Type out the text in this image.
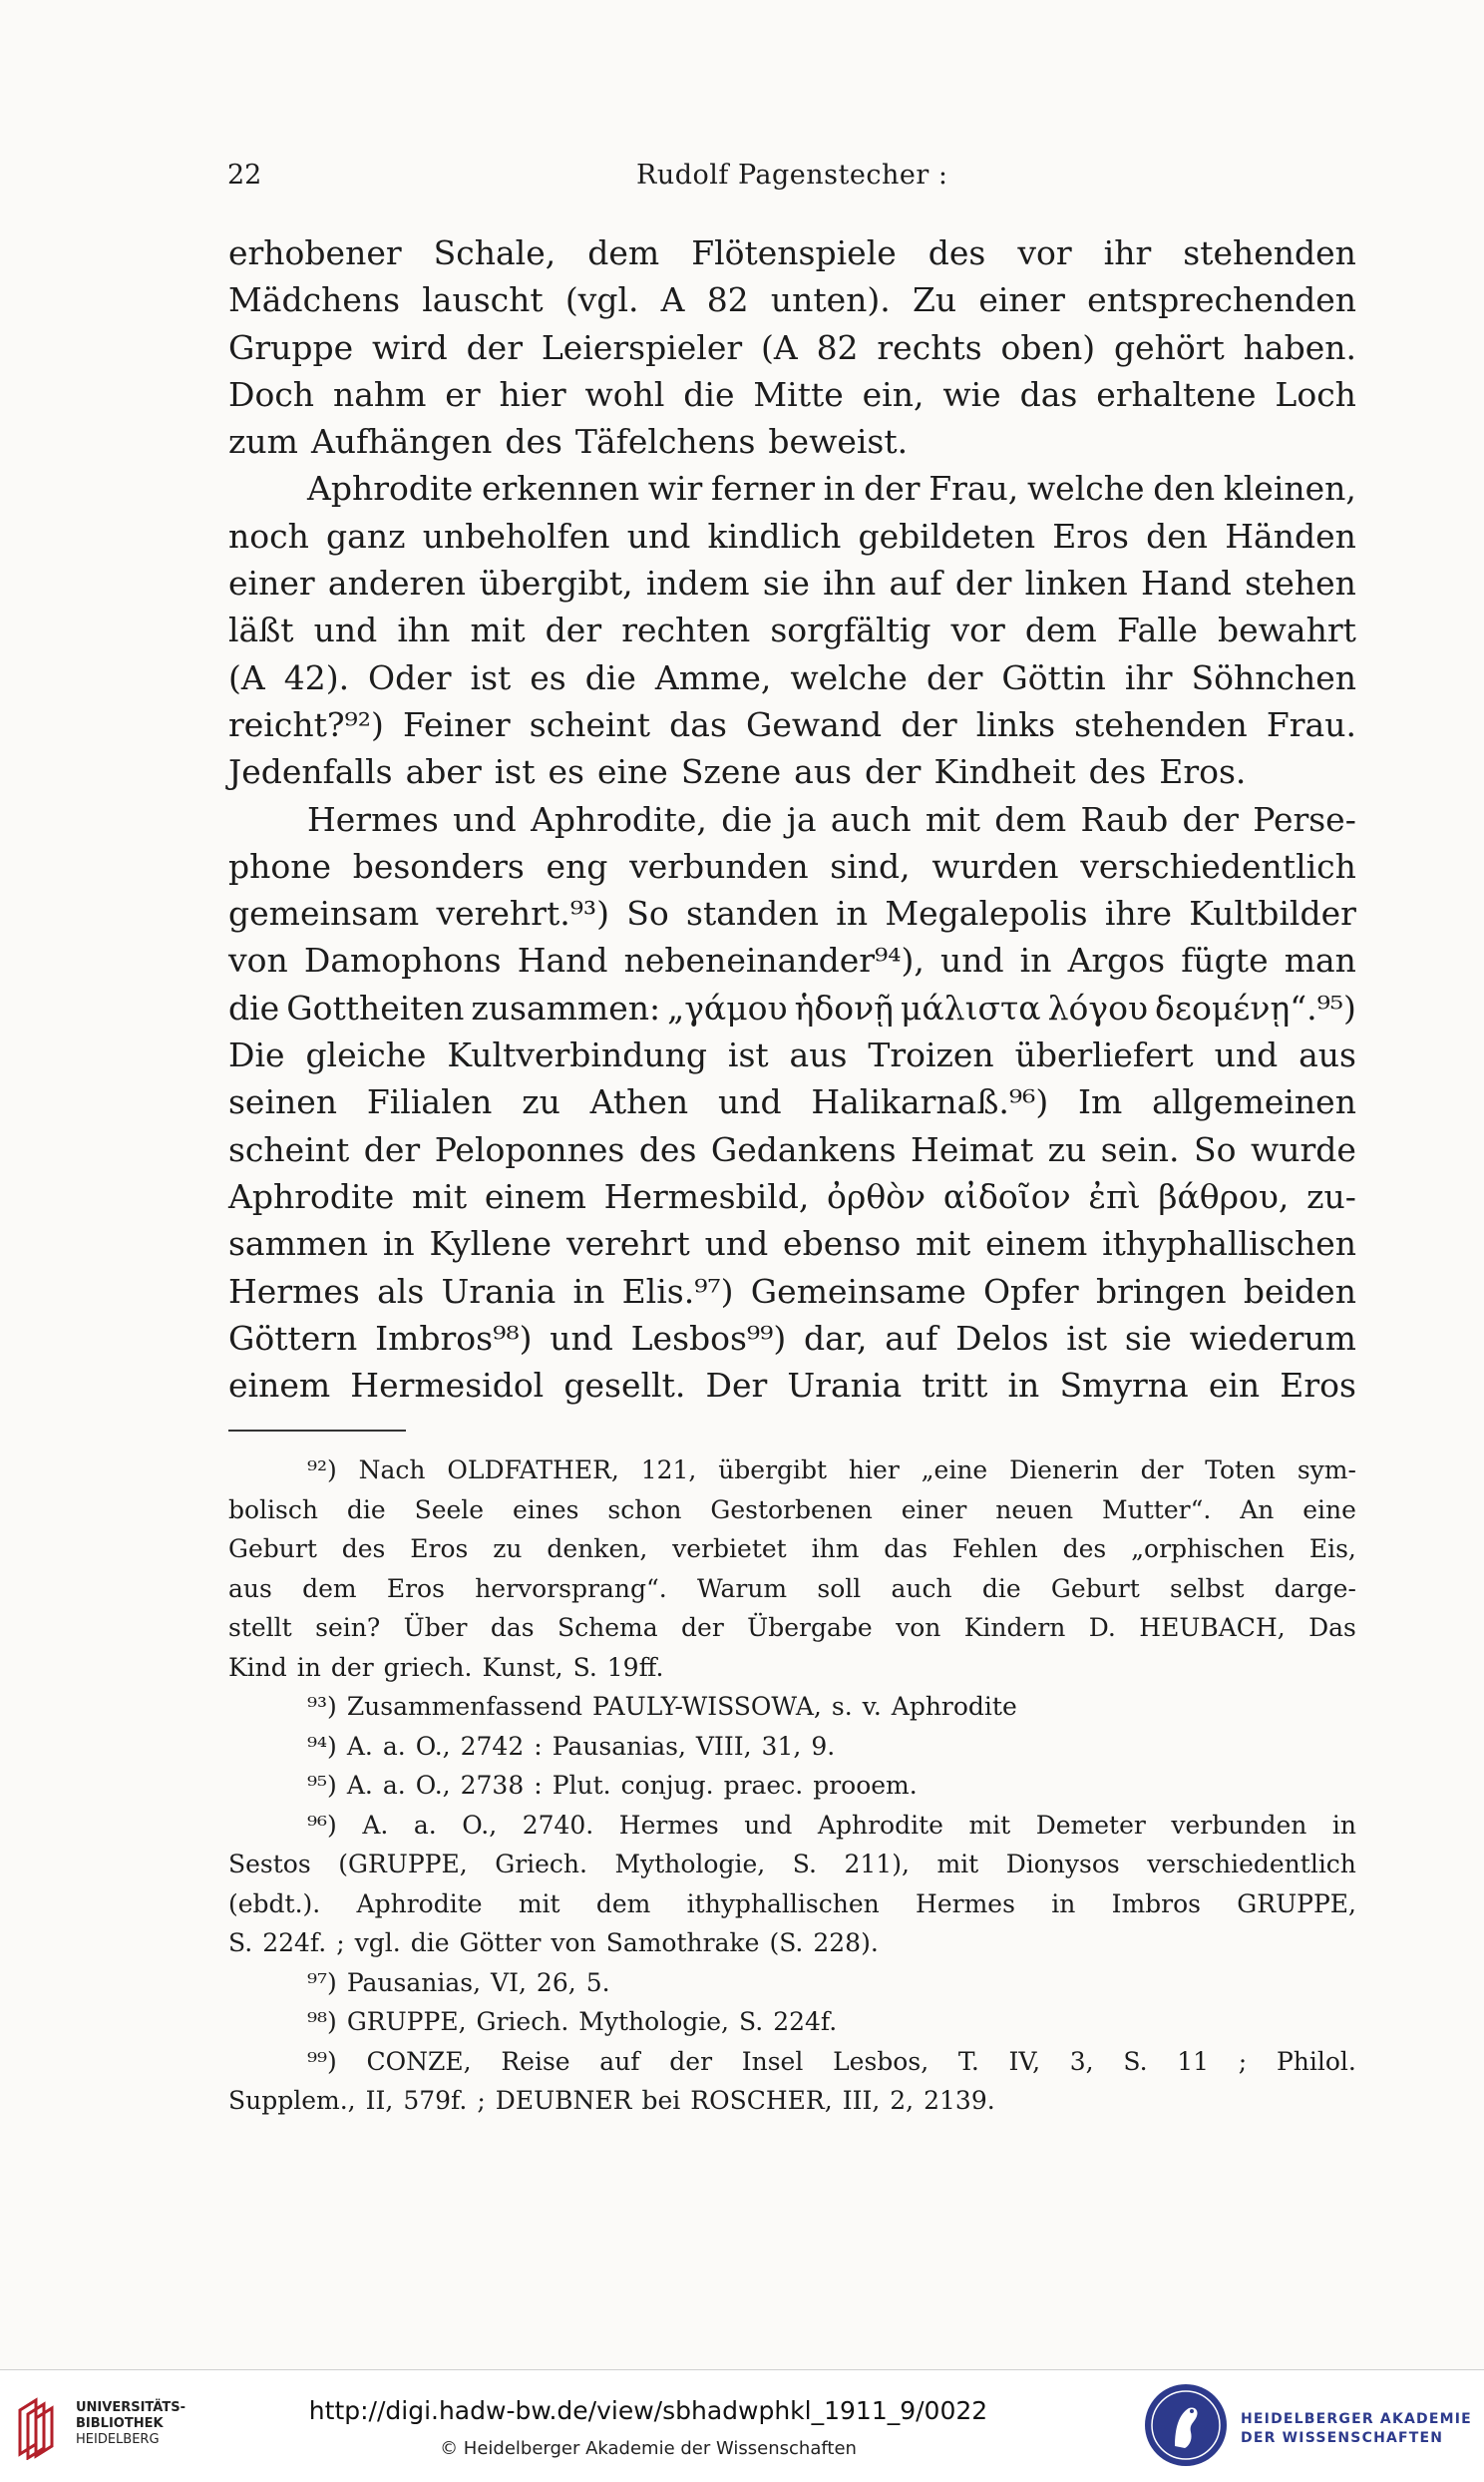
22	Rudolf Pagenstecher :
erhobener Schale, dem Flötenspiele des vor ihr stehenden
Mädchens lauscht (vgl. A 82 unten). Zu einer entsprechenden
Gruppe wird der Leierspieler (A 82 rechts oben) gehört haben.
Doch nahm er hier wohl die Mitte ein, wie das erhaltene Loch
zum Aufhängen des Täfelchens beweist.
Aphrodite erkennen wir ferner in der Frau, welche den kleinen,
noch ganz unbeholfen und kindlich gebildeten Eros den Händen
einer anderen übergibt, indem sie ihn auf der linken Hand stehen
läßt und ihn mit der rechten sorgfältig vor dem Falle bewahrt
(A 42). Oder ist es die Amme, welche der Göttin ihr Söhnchen
reicht?⁹²) Feiner scheint das Gewand der links stehenden Frau.
Jedenfalls aber ist es eine Szene aus der Kindheit des Eros.
Hermes und Aphrodite, die ja auch mit dem Raub der Perse-
phone besonders eng verbunden sind, wurden verschiedentlich
gemeinsam verehrt.⁹³) So standen in Megalepolis ihre Kultbilder
von Damophons Hand nebeneinander⁹⁴), und in Argos fügte man
die Gottheiten zusammen: „γάμου ἡδονῇ μάλιστα λόγου δεομένῃ“.⁹⁵)
Die gleiche Kultverbindung ist aus Troizen überliefert und aus
seinen Filialen zu Athen und Halikarnaß.⁹⁶) Im allgemeinen
scheint der Peloponnes des Gedankens Heimat zu sein. So wurde
Aphrodite mit einem Hermesbild, ὀρθὸν αἰδοῖον ἐπὶ βάθρου, zu-
sammen in Kyllene verehrt und ebenso mit einem ithyphallischen
Hermes als Urania in Elis.⁹⁷) Gemeinsame Opfer bringen beiden
Göttern Imbros⁹⁸) und Lesbos⁹⁹) dar, auf Delos ist sie wiederum
einem Hermesidol gesellt. Der Urania tritt in Smyrna ein Eros
⁹²) Nach OLDFATHER, 121, übergibt hier „eine Dienerin der Toten sym-
bolisch die Seele eines schon Gestorbenen einer neuen Mutter“. An eine
Geburt des Eros zu denken, verbietet ihm das Fehlen des „orphischen Eis,
aus dem Eros hervorsprang“. Warum soll auch die Geburt selbst darge-
stellt sein? Über das Schema der Übergabe von Kindern D. HEUBACH, Das
Kind in der griech. Kunst, S. 19ff.
⁹³) Zusammenfassend PAULY-WISSOWA, s. v. Aphrodite
⁹⁴) A. a. O., 2742 : Pausanias, VIII, 31, 9.
⁹⁵) A. a. O., 2738 : Plut. conjug. praec. prooem.
⁹⁶) A. a. O., 2740. Hermes und Aphrodite mit Demeter verbunden in
Sestos (GRUPPE, Griech. Mythologie, S. 211), mit Dionysos verschiedentlich
(ebdt.). Aphrodite mit dem ithyphallischen Hermes in Imbros GRUPPE,
S. 224f. ; vgl. die Götter von Samothrake (S. 228).
⁹⁷) Pausanias, VI, 26, 5.
⁹⁸) GRUPPE, Griech. Mythologie, S. 224f.
⁹⁹) CONZE, Reise auf der Insel Lesbos, T. IV, 3, S. 11 ; Philol.
Supplem., II, 579f. ; DEUBNER bei ROSCHER, III, 2, 2139.
UNIVERSITÄTS-
BIBLIOTHEK
HEIDELBERG
http://digi.hadw-bw.de/view/sbhadwphkl_1911_9/0022
© Heidelberger Akademie der Wissenschaften
HEIDELBERGER AKADEMIE
DER WISSENSCHAFTEN
